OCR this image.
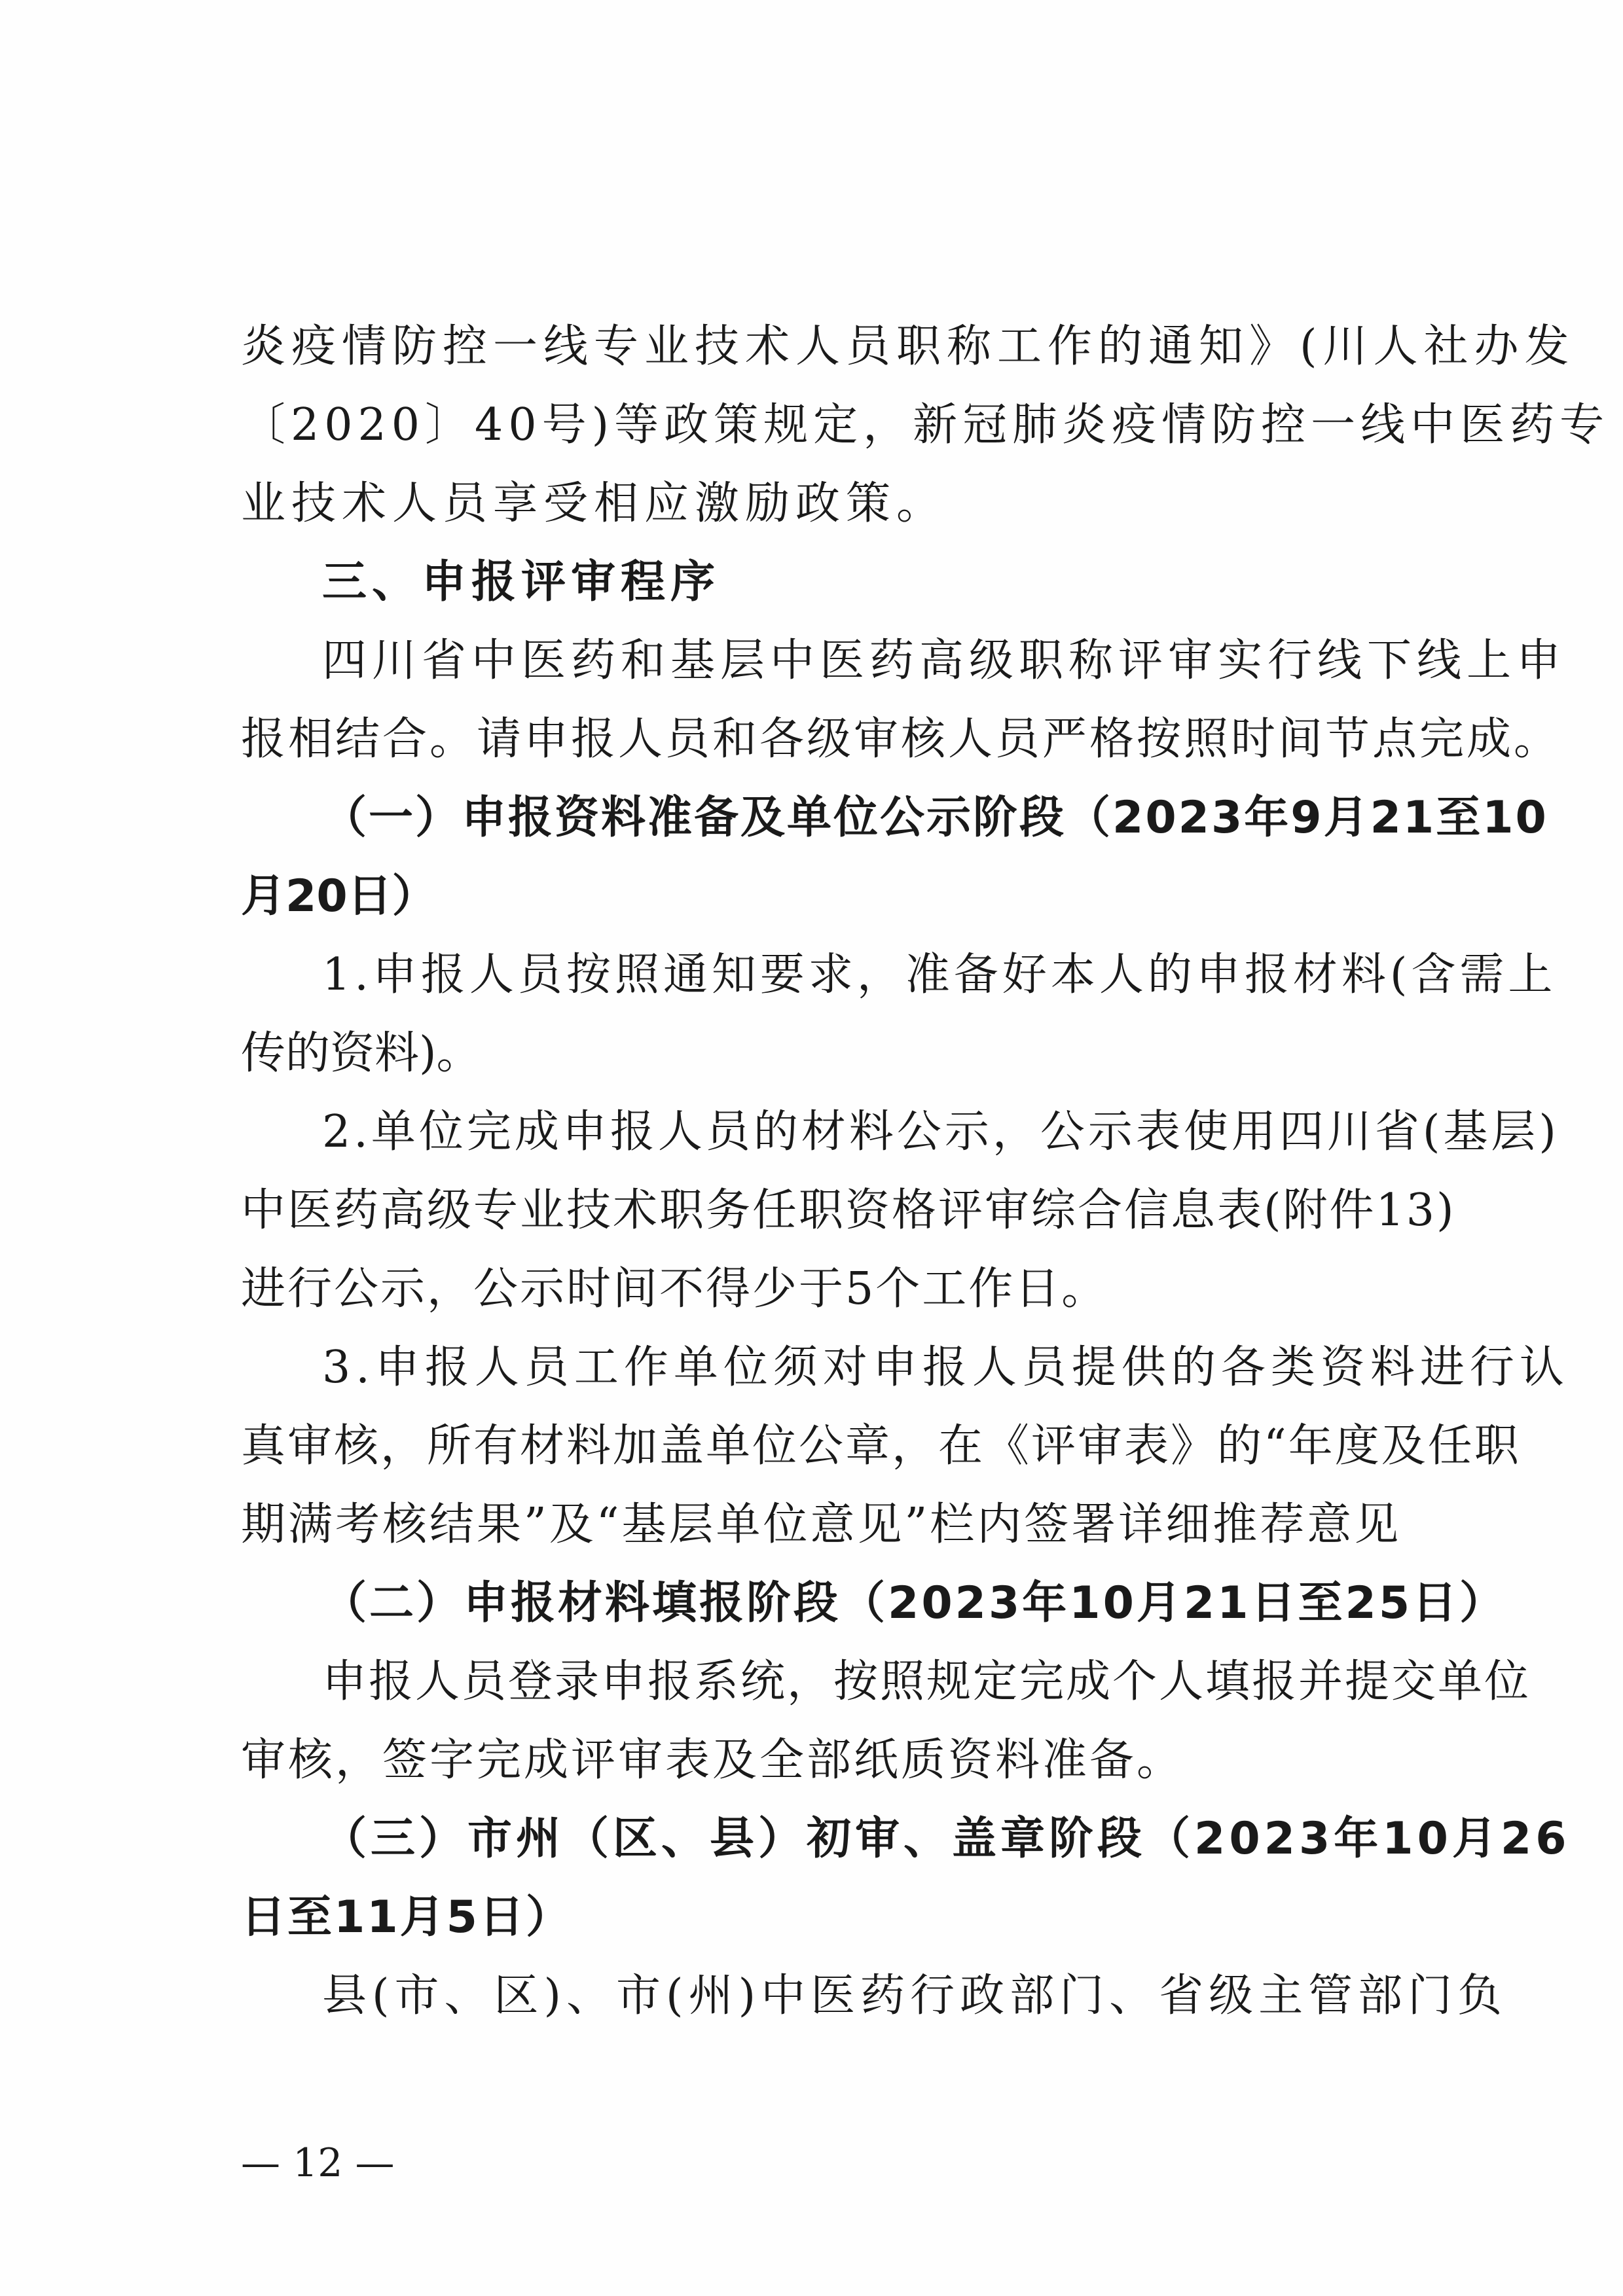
炎疫情防控一线专业技术人员职称工作的通知》(川人社办发
〔2020〕40号)等政策规定，新冠肺炎疫情防控一线中医药专
业技术人员享受相应激励政策。
三、申报评审程序
四川省中医药和基层中医药高级职称评审实行线下线上申
报相结合。请申报人员和各级审核人员严格按照时间节点完成。
（一）申报资料准备及单位公示阶段（2023年9月21至10
月20日）
1.申报人员按照通知要求，准备好本人的申报材料(含需上
传的资料)。
2.单位完成申报人员的材料公示，公示表使用四川省(基层)
中医药高级专业技术职务任职资格评审综合信息表(附件13)
进行公示，公示时间不得少于5个工作日。
3.申报人员工作单位须对申报人员提供的各类资料进行认
真审核，所有材料加盖单位公章，在《评审表》的“年度及任职
期满考核结果”及“基层单位意见”栏内签署详细推荐意见
（二）申报材料填报阶段（2023年10月21日至25日）
申报人员登录申报系统，按照规定完成个人填报并提交单位
审核，签字完成评审表及全部纸质资料准备。
（三）市州（区、县）初审、盖章阶段（2023年10月26
日至11月5日）
县(市、区)、市(州)中医药行政部门、省级主管部门负
— 12 —
